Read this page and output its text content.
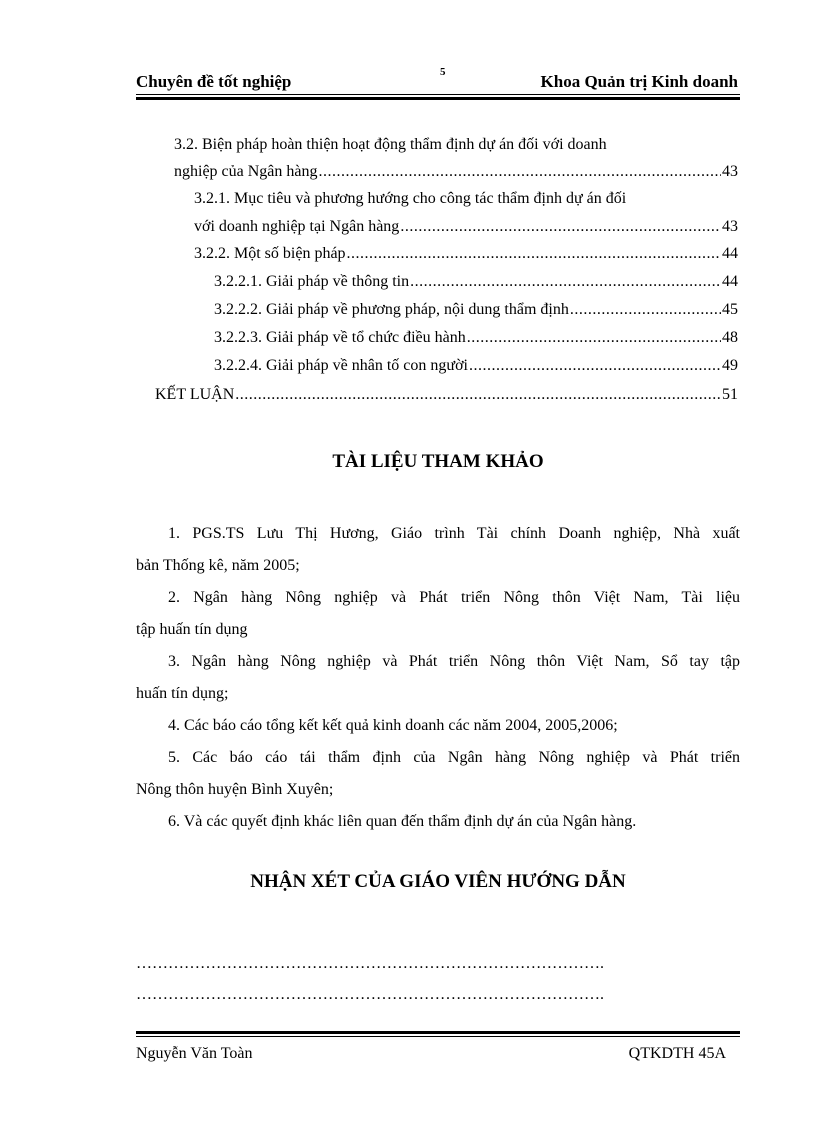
Chuyên đề tốt nghiệp	5	Khoa Quản trị Kinh doanh
3.2. Biện pháp hoàn thiện hoạt động thẩm định dự án đối với doanh
nghiệp của Ngân hàng .....	43
3.2.1. Mục tiêu và phương hướng cho công tác thẩm định dự án đối
với doanh nghiệp tại Ngân hàng .....	43
3.2.2. Một số biện pháp .....	44
3.2.2.1. Giải pháp về thông tin .....	44
3.2.2.2. Giải pháp về phương pháp, nội dung thẩm định .....	45
3.2.2.3. Giải pháp về tổ chức điều hành .....	48
3.2.2.4. Giải pháp về nhân tố con người .....	49
KẾT LUẬN .....	51
TÀI LIỆU THAM KHẢO
1. PGS.TS Lưu Thị Hương, Giáo trình Tài chính Doanh nghiệp, Nhà xuất
bản Thống kê, năm 2005;
2. Ngân hàng Nông nghiệp và Phát triển Nông thôn Việt Nam, Tài liệu
tập huấn tín dụng
3. Ngân hàng Nông nghiệp và Phát triển Nông thôn Việt Nam, Sổ tay tập
huấn tín dụng;
4. Các báo cáo tổng kết kết quả kinh doanh các năm 2004, 2005,2006;
5. Các báo cáo tái thẩm định của Ngân hàng Nông nghiệp và Phát triển
Nông thôn huyện Bình Xuyên;
6. Và các quyết định khác liên quan đến thẩm định dự án của Ngân hàng.
NHẬN XÉT CỦA GIÁO VIÊN HƯỚNG DẪN
…………………………………………………………………………….
…………………………………………………………………………….
Nguyễn Văn Toàn	QTKDTH 45A
